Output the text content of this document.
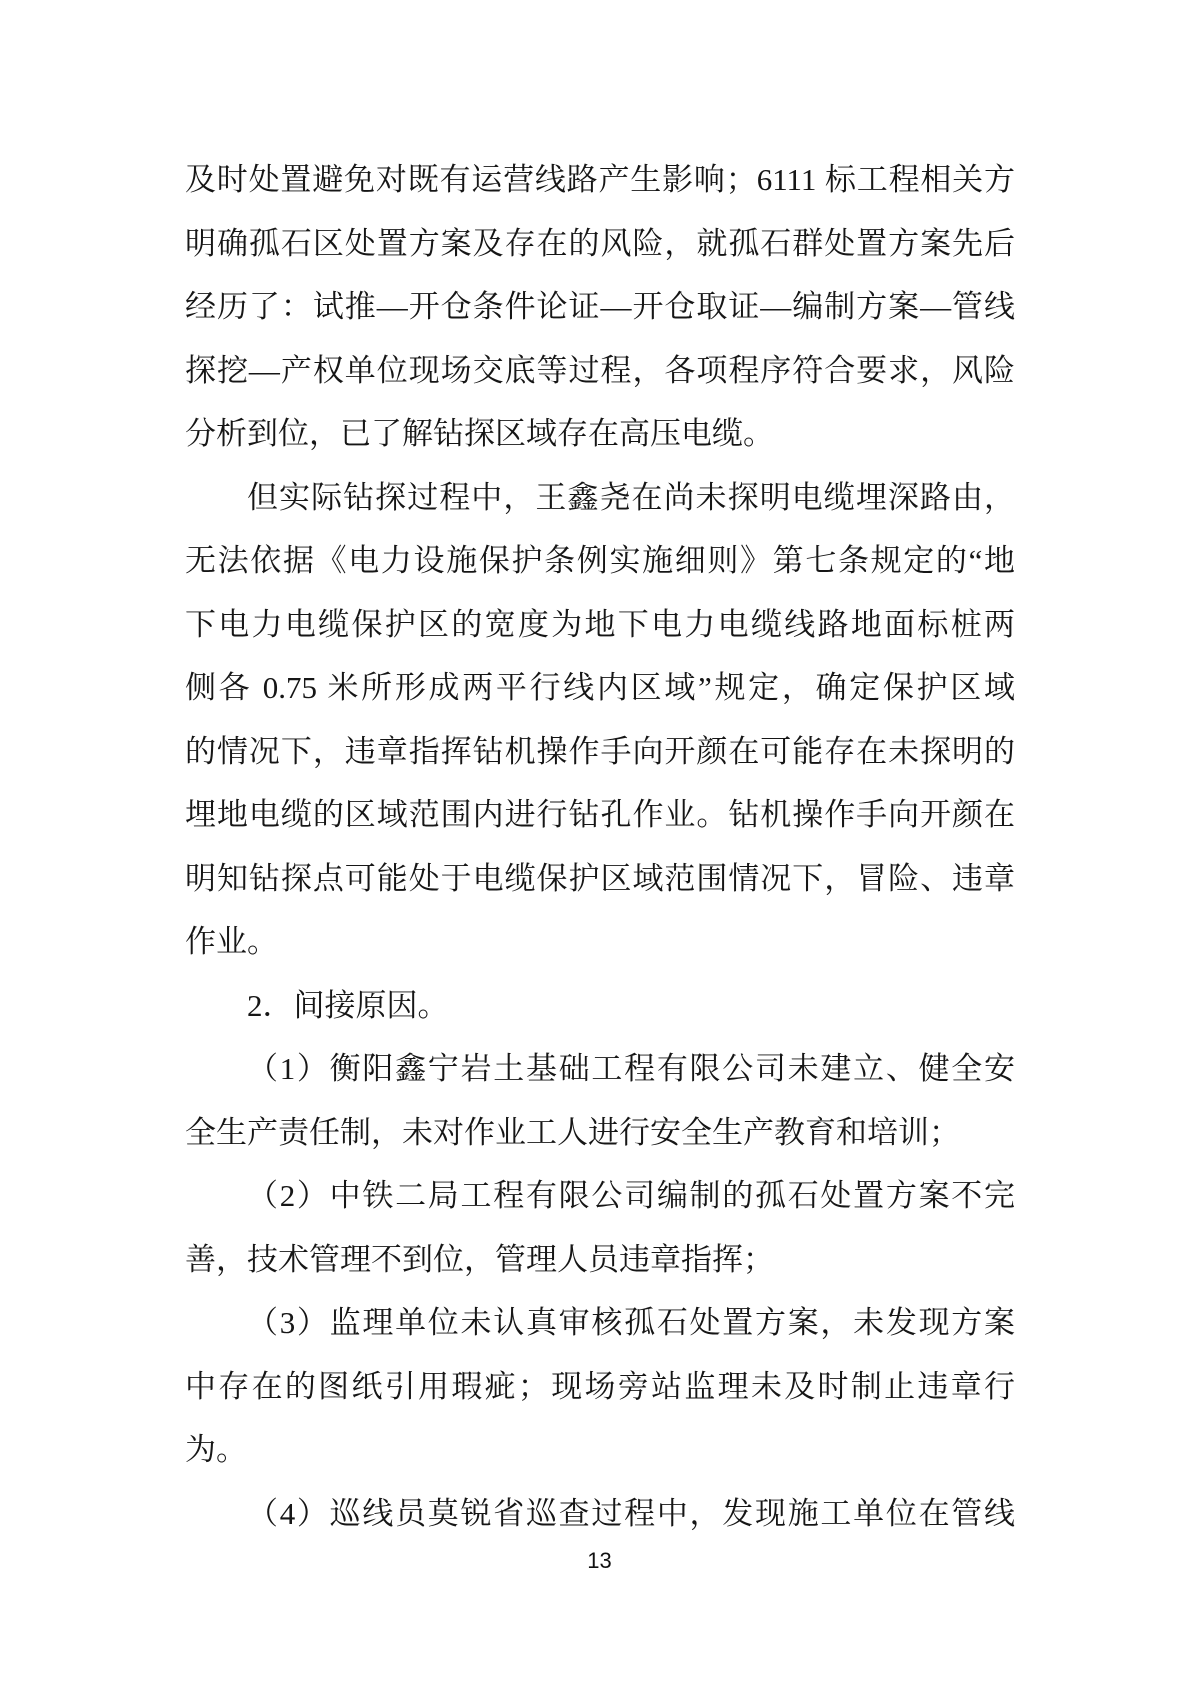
及时处置避免对既有运营线路产生影响；6111 标工程相关方
明确孤石区处置方案及存在的风险，就孤石群处置方案先后
经历了：试推—开仓条件论证—开仓取证—编制方案—管线
探挖—产权单位现场交底等过程，各项程序符合要求，风险
分析到位，已了解钻探区域存在高压电缆。
但实际钻探过程中，王鑫尧在尚未探明电缆埋深路由，
无法依据《电力设施保护条例实施细则》第七条规定的“地
下电力电缆保护区的宽度为地下电力电缆线路地面标桩两
侧各 0.75 米所形成两平行线内区域”规定，确定保护区域
的情况下，违章指挥钻机操作手向开颜在可能存在未探明的
埋地电缆的区域范围内进行钻孔作业。钻机操作手向开颜在
明知钻探点可能处于电缆保护区域范围情况下，冒险、违章
作业。
2．间接原因。
（1）衡阳鑫宁岩土基础工程有限公司未建立、健全安
全生产责任制，未对作业工人进行安全生产教育和培训；
（2）中铁二局工程有限公司编制的孤石处置方案不完
善，技术管理不到位，管理人员违章指挥；
（3）监理单位未认真审核孤石处置方案，未发现方案
中存在的图纸引用瑕疵；现场旁站监理未及时制止违章行
为。
（4）巡线员莫锐省巡查过程中，发现施工单位在管线
13
